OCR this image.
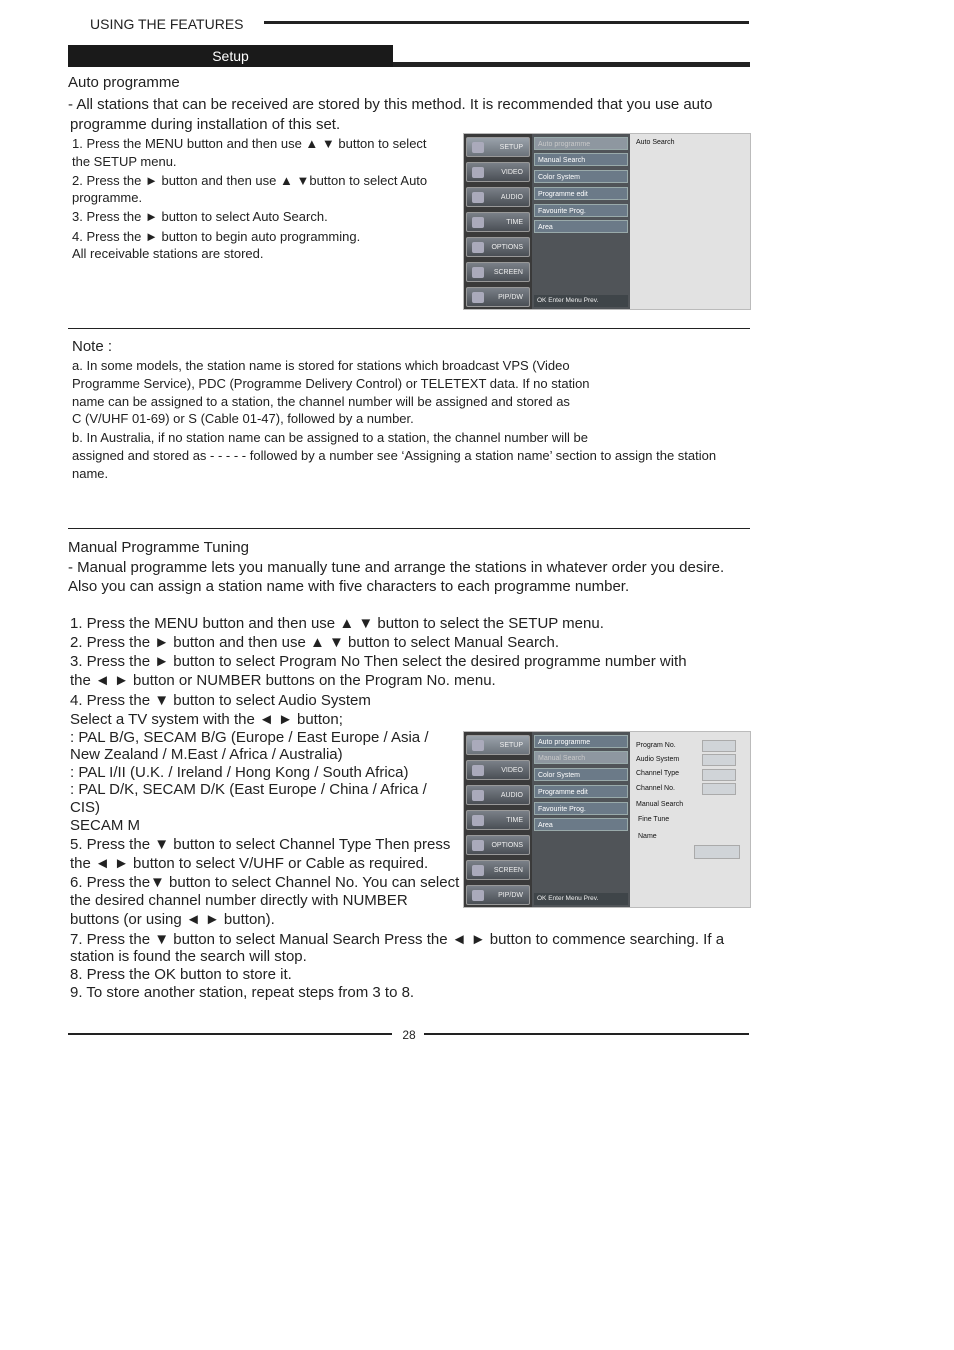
USING THE FEATURES
Setup
Auto programme
- All stations that can be received are stored by this method. It is recommended that you use auto
programme during installation of this set.
1. Press the MENU button and then use ▲ ▼ button to select
the SETUP menu.
2. Press the ► button and then use ▲ ▼button to select Auto
programme.
3. Press the ► button to select Auto Search.
4. Press the ► button to begin auto programming.
All receivable stations are stored.
SETUP
VIDEO
AUDIO
TIME
OPTIONS
SCREEN
PIP/DW
Auto programme
Manual Search
Color System
Programme edit
Favourite Prog.
Area
OK Enter Menu Prev.
Auto Search
Note :
a. In some models, the station name is stored for stations which broadcast VPS (Video
Programme Service), PDC (Programme Delivery Control) or TELETEXT data. If no station
name can be assigned to a station, the channel number will be assigned and stored as
C (V/UHF 01-69) or S (Cable 01-47), followed by a number.
b. In Australia, if no station name can be assigned to a station, the channel number will be
assigned and stored as - - - - - followed by a number see ‘Assigning a station name’ section to assign the station
name.
Manual Programme Tuning
- Manual programme lets you manually tune and arrange the stations in whatever order you desire.
Also you can assign a station name with five characters to each programme number.
1. Press the MENU button and then use ▲ ▼ button to select the SETUP menu.
2. Press the ► button and then use ▲ ▼ button to select Manual Search.
3. Press the ► button to select Program No Then select the desired programme number with
the ◄ ► button or NUMBER buttons on the Program No. menu.
4. Press the ▼ button to select Audio System
Select a TV system with the ◄ ► button;
: PAL B/G, SECAM B/G (Europe / East Europe / Asia /
New Zealand / M.East / Africa / Australia)
: PAL I/II (U.K. / Ireland / Hong Kong / South Africa)
: PAL D/K, SECAM D/K (East Europe / China / Africa /
CIS)
SECAM M
5. Press the ▼ button to select Channel Type Then press
the ◄ ► button to select V/UHF or Cable as required.
6. Press the▼ button to select Channel No. You can select
the desired channel number directly with NUMBER
buttons (or using ◄ ► button).
7. Press the ▼ button to select Manual Search Press the ◄ ► button to commence searching. If a
station is found the search will stop.
8. Press the OK button to store it.
9. To store another station, repeat steps from 3 to 8.
SETUP
VIDEO
AUDIO
TIME
OPTIONS
SCREEN
PIP/DW
Auto programme
Manual Search
Color System
Programme edit
Favourite Prog.
Area
OK Enter Menu Prev.
Program No.
Audio System
Channel Type
Channel No.
Manual Search
Fine Tune
Name
28
